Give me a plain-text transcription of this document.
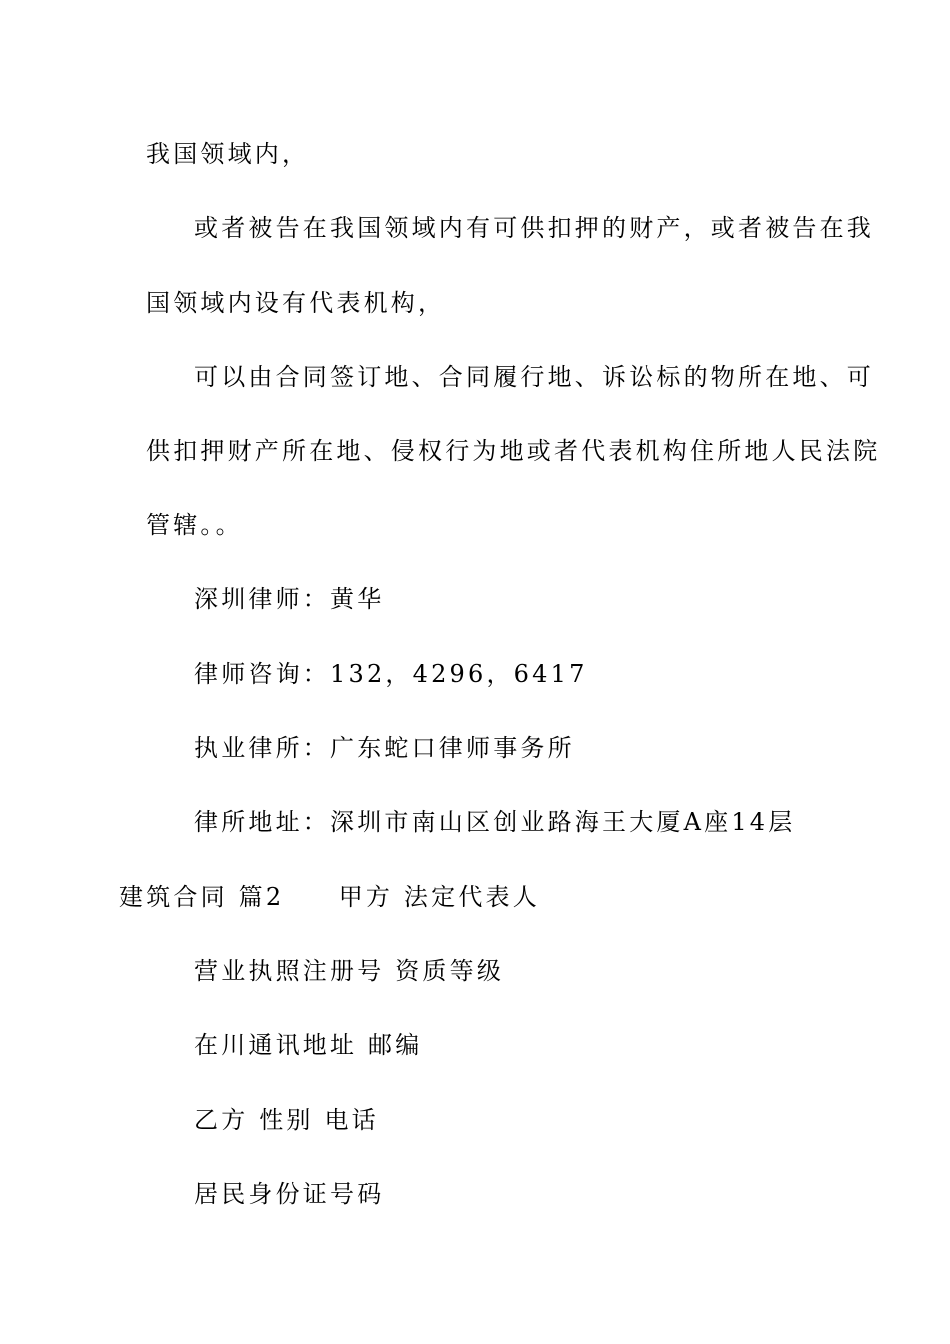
我国领域内，
或者被告在我国领域内有可供扣押的财产，或者被告在我
国领域内设有代表机构，
可以由合同签订地、合同履行地、诉讼标的物所在地、可
供扣押财产所在地、侵权行为地或者代表机构住所地人民法院
管辖。。
深圳律师：黄华
律师咨询：132，4296，6417
执业律所：广东蛇口律师事务所
律所地址：深圳市南山区创业路海王大厦A座14层
建筑合同 篇2　　甲方 法定代表人
营业执照注册号 资质等级
在川通讯地址 邮编
乙方 性别 电话
居民身份证号码
